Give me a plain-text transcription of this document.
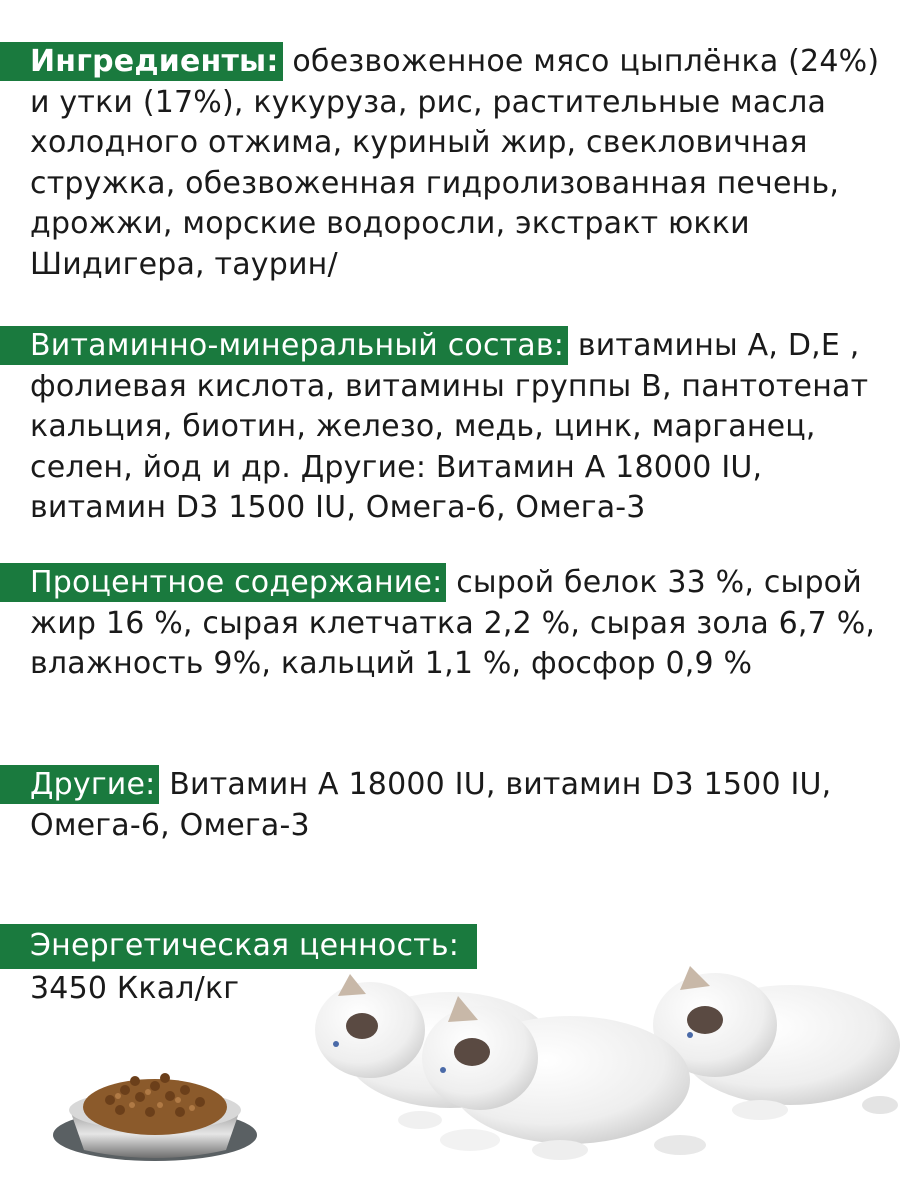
Ингредиенты: обезвоженное мясо цыплёнка (24%) и утки (17%), кукуруза, рис, растительные масла холодного отжима, куриный жир, свекловичная стружка, обезвоженная гидролизованная печень, дрожжи, морские водоросли, экстракт юкки Шидигера, таурин/

Витаминно-минеральный состав: витамины А, D,E , фолиевая кислота, витамины группы В, пантотенат кальция, биотин, железо, медь, цинк, марганец, селен, йод и др. Другие: Витамин А 18000 IU, витамин D3 1500 IU, Омега-6, Омега-3

Процентное содержание: сырой белок 33 %, сырой жир 16 %, сырая клетчатка 2,2 %, сырая зола 6,7 %, влажность 9%, кальций 1,1 %, фосфор 0,9 %

Другие: Витамин А 18000 IU, витамин D3 1500 IU, Омега-6, Омега-3

Энергетическая ценность:
3450 Ккал/кг
